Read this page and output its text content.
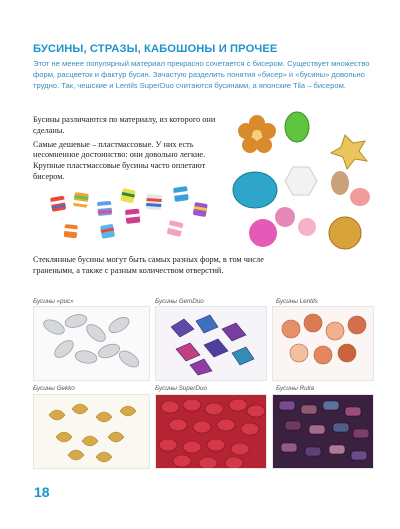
БУСИНЫ, СТРАЗЫ, КАБОШОНЫ И ПРОЧЕЕ

Этот не менее популярный материал прекрасно сочетается с бисером. Существует множество форм, расцветок и фактур бусин. Зачастую разделить понятия «бисер» и «бусины» довольно трудно. Так, чешские и Lentils SuperDuo считаются бусинами, а японские Tila – бисером.

Бусины различаются по материалу, из которого они сделаны.

Самые дешевые – пластмассовые. У них есть несомненное достоинство: они довольно легкие. Крупные пластмассовые бусины часто оплетают бисером.

Стеклянные бусины могут быть самых разных форм, в том числе гранеными, а также с разным количеством отверстий.

Бусины «рис»	Бусины GemDuo	Бусины Lentils
Бусины Gekko	Бусины SuperDuo	Бусины Rulla
18
